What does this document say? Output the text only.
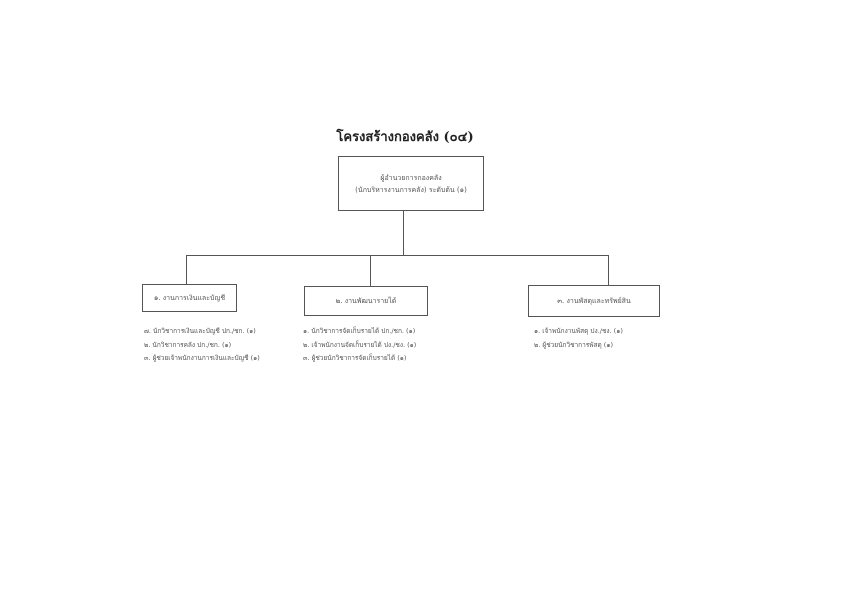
โครงสร้างกองคลัง (๐๔)
ผู้อำนวยการกองคลัง
(นักบริหารงานการคลัง) ระดับต้น (๑)
๑. งานการเงินและบัญชี	๒. งานพัฒนารายได้	๓. งานพัสดุและทรัพย์สิน
๗. นักวิชาการเงินและบัญชี ปก./ชก. (๑)
๒. นักวิชาการคลัง ปก./ชก. (๑)
๓. ผู้ช่วยเจ้าพนักงานการเงินและบัญชี (๑)
๑. นักวิชาการจัดเก็บรายได้ ปก./ชก. (๑)
๒. เจ้าพนักงานจัดเก็บรายได้ ปง./ชง. (๑)
๓. ผู้ช่วยนักวิชาการจัดเก็บรายได้ (๑)
๑. เจ้าพนักงานพัสดุ ปง./ชง. (๑)
๒. ผู้ช่วยนักวิชาการพัสดุ (๑)
